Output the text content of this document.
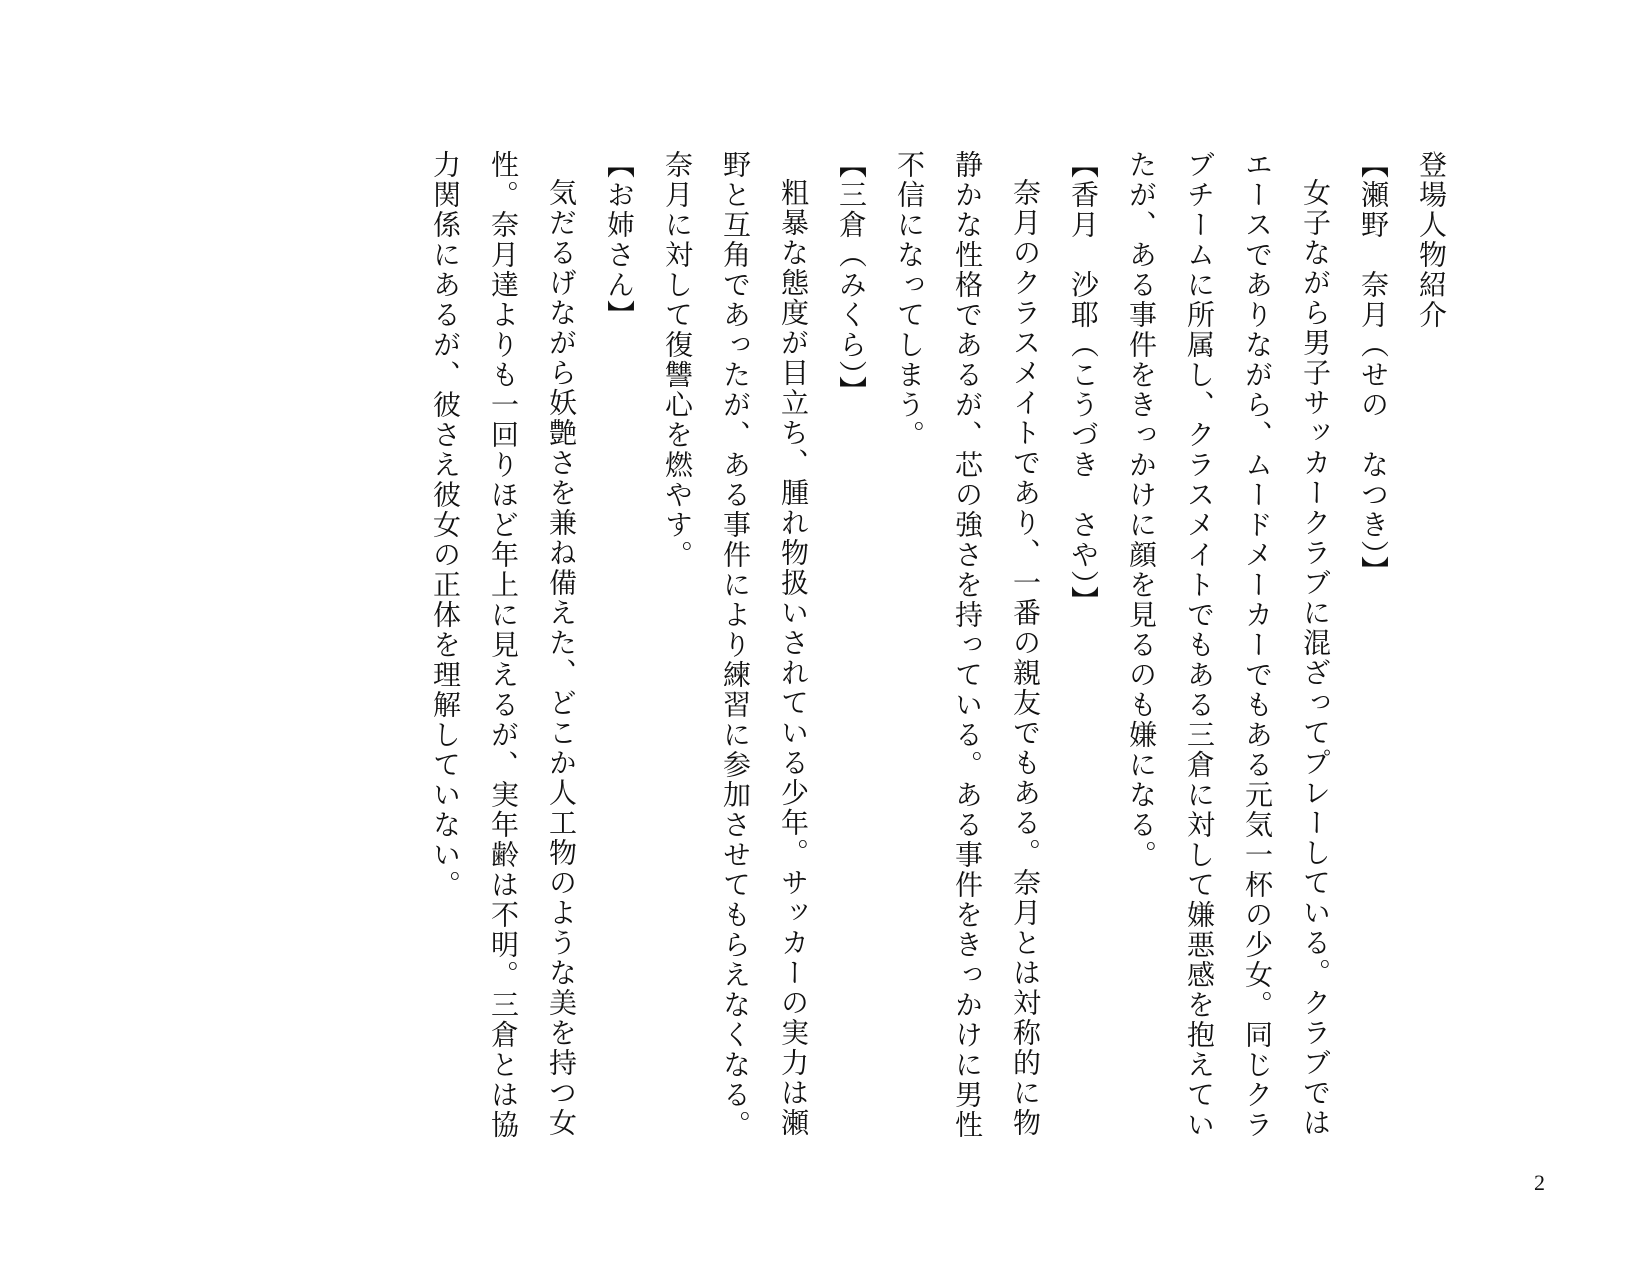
登場人物紹介

【瀬野　奈月（せの　なつき）】

女子ながら男子サッカークラブに混ざってプレーしている。クラブではエースでありながら、ムードメーカーでもある元気一杯の少女。同じクラブチームに所属し、クラスメイトでもある三倉に対して嫌悪感を抱えていたが、ある事件をきっかけに顔を見るのも嫌になる。

【香月　沙耶（こうづき　さや）】

奈月のクラスメイトであり、一番の親友でもある。奈月とは対称的に物静かな性格であるが、芯の強さを持っている。ある事件をきっかけに男性不信になってしまう。

【三倉（みくら）】

粗暴な態度が目立ち、腫れ物扱いされている少年。サッカーの実力は瀬野と互角であったが、ある事件により練習に参加させてもらえなくなる。奈月に対して復讐心を燃やす。

【お姉さん】

気だるげながら妖艶さを兼ね備えた、どこか人工物のような美を持つ女性。奈月達よりも一回りほど年上に見えるが、実年齢は不明。三倉とは協力関係にあるが、彼さえ彼女の正体を理解していない。

2
